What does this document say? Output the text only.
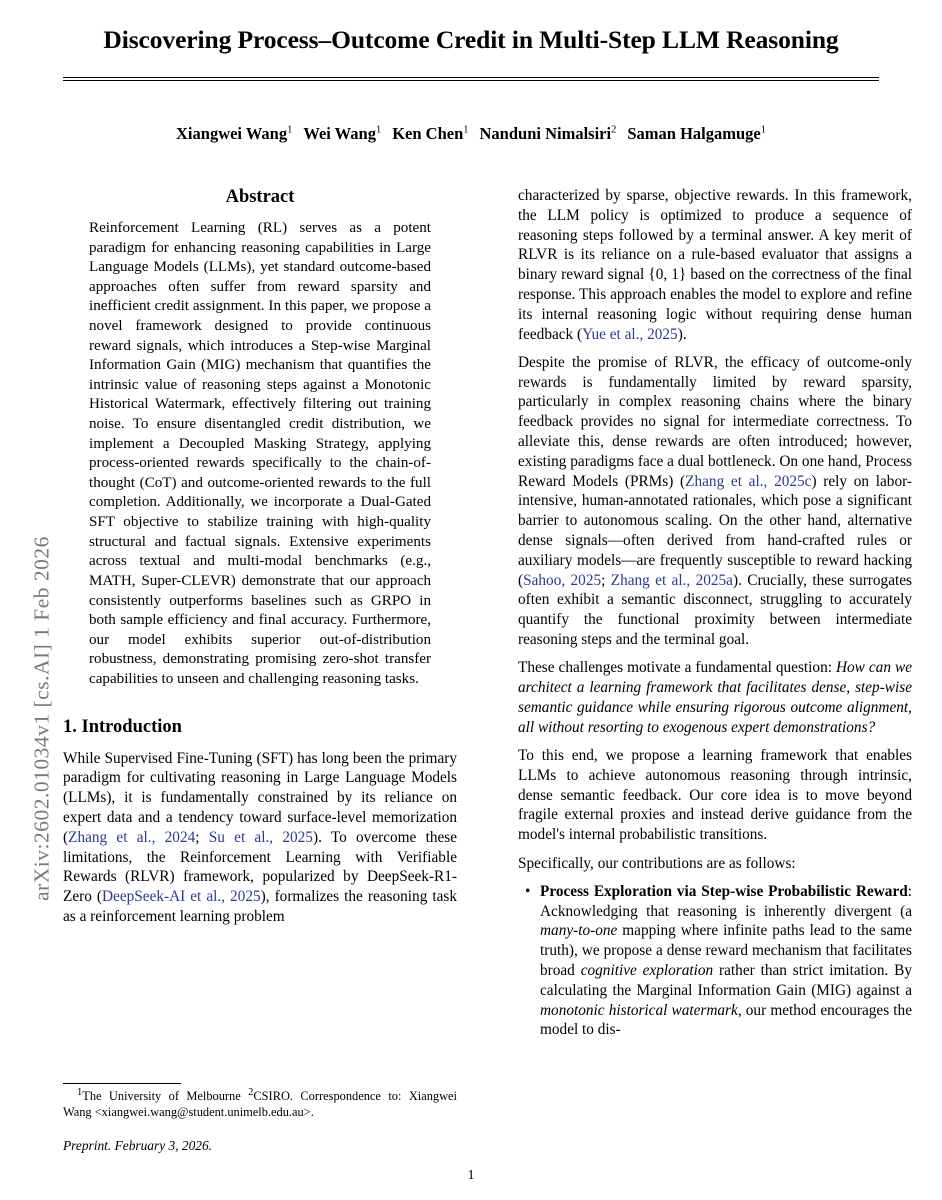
arXiv:2602.01034v1 [cs.AI] 1 Feb 2026
Discovering Process–Outcome Credit in Multi-Step LLM Reasoning
Xiangwei Wang$^1$ Wei Wang$^1$ Ken Chen$^1$ Nanduni Nimalsiri$^2$ Saman Halgamuge$^1$
Abstract

Reinforcement Learning (RL) serves as a potent paradigm for enhancing reasoning capabilities in Large Language Models (LLMs), yet standard outcome-based approaches often suffer from reward sparsity and inefficient credit assignment. In this paper, we propose a novel framework designed to provide continuous reward signals, which introduces a Step-wise Marginal Information Gain (MIG) mechanism that quantifies the intrinsic value of reasoning steps against a Monotonic Historical Watermark, effectively filtering out training noise. To ensure disentangled credit distribution, we implement a Decoupled Masking Strategy, applying process-oriented rewards specifically to the chain-of-thought (CoT) and outcome-oriented rewards to the full completion. Additionally, we incorporate a Dual-Gated SFT objective to stabilize training with high-quality structural and factual signals. Extensive experiments across textual and multi-modal benchmarks (e.g., MATH, Super-CLEVR) demonstrate that our approach consistently outperforms baselines such as GRPO in both sample efficiency and final accuracy. Furthermore, our model exhibits superior out-of-distribution robustness, demonstrating promising zero-shot transfer capabilities to unseen and challenging reasoning tasks.

1. Introduction

While Supervised Fine-Tuning (SFT) has long been the primary paradigm for cultivating reasoning in Large Language Models (LLMs), it is fundamentally constrained by its reliance on expert data and a tendency toward surface-level memorization (Zhang et al., 2024; Su et al., 2025). To overcome these limitations, the Reinforcement Learning with Verifiable Rewards (RLVR) framework, popularized by DeepSeek-R1-Zero (DeepSeek-AI et al., 2025), formalizes the reasoning task as a reinforcement learning problem

characterized by sparse, objective rewards. In this framework, the LLM policy is optimized to produce a sequence of reasoning steps followed by a terminal answer. A key merit of RLVR is its reliance on a rule-based evaluator that assigns a binary reward signal {0, 1} based on the correctness of the final response. This approach enables the model to explore and refine its internal reasoning logic without requiring dense human feedback (Yue et al., 2025).

Despite the promise of RLVR, the efficacy of outcome-only rewards is fundamentally limited by reward sparsity, particularly in complex reasoning chains where the binary feedback provides no signal for intermediate correctness. To alleviate this, dense rewards are often introduced; however, existing paradigms face a dual bottleneck. On one hand, Process Reward Models (PRMs) (Zhang et al., 2025c) rely on labor-intensive, human-annotated rationales, which pose a significant barrier to autonomous scaling. On the other hand, alternative dense signals—often derived from hand-crafted rules or auxiliary models—are frequently susceptible to reward hacking (Sahoo, 2025; Zhang et al., 2025a). Crucially, these surrogates often exhibit a semantic disconnect, struggling to accurately quantify the functional proximity between intermediate reasoning steps and the terminal goal.

These challenges motivate a fundamental question: How can we architect a learning framework that facilitates dense, step-wise semantic guidance while ensuring rigorous outcome alignment, all without resorting to exogenous expert demonstrations?

To this end, we propose a learning framework that enables LLMs to achieve autonomous reasoning through intrinsic, dense semantic feedback. Our core idea is to move beyond fragile external proxies and instead derive guidance from the model's internal probabilistic transitions.

Specifically, our contributions are as follows:

• Process Exploration via Step-wise Probabilistic Reward: Acknowledging that reasoning is inherently divergent (a many-to-one mapping where infinite paths lead to the same truth), we propose a dense reward mechanism that facilitates broad cognitive exploration rather than strict imitation. By calculating the Marginal Information Gain (MIG) against a monotonic historical watermark, our method encourages the model to dis-

$^1$The University of Melbourne $^2$CSIRO. Correspondence to: Xiangwei Wang <xiangwei.wang@student.unimelb.edu.au>.

Preprint. February 3, 2026.

1
